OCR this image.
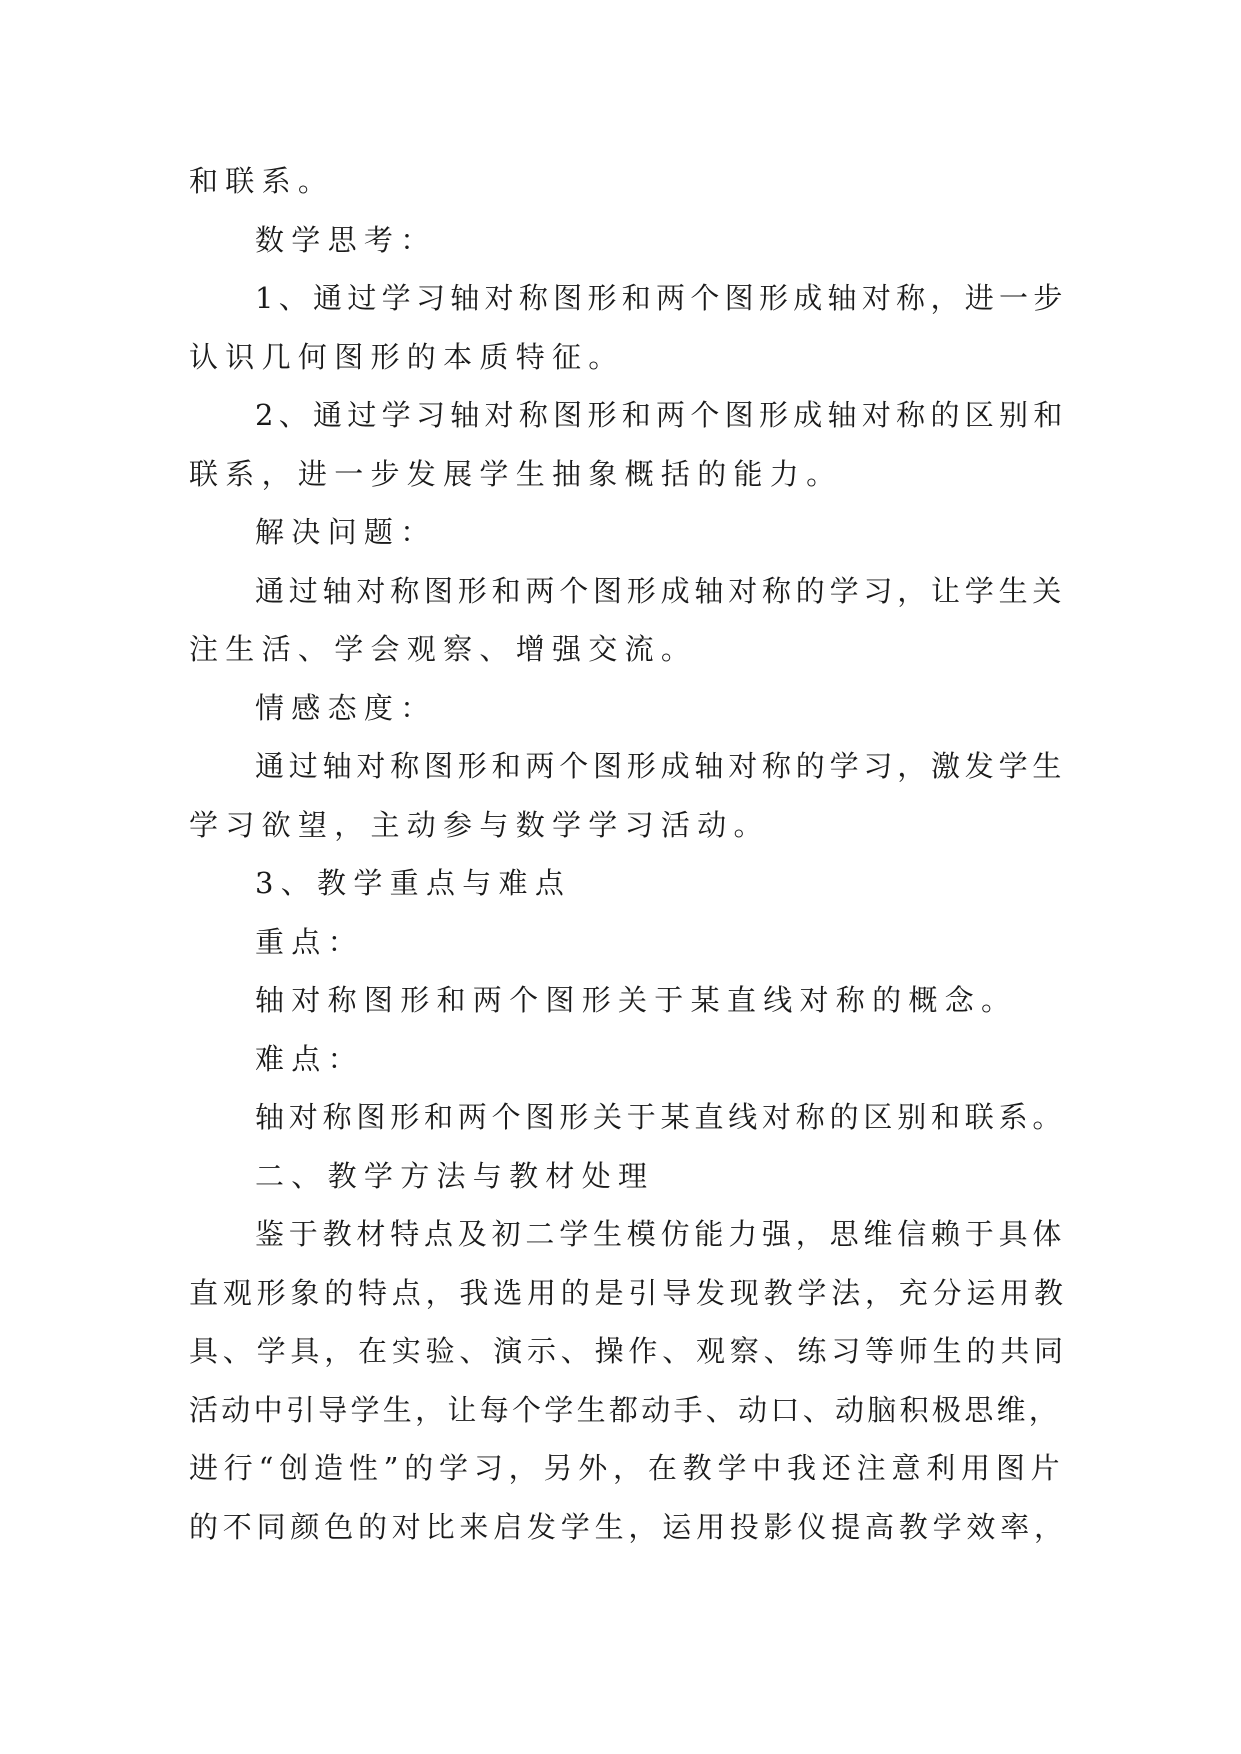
和联系。
数学思考：
1、通过学习轴对称图形和两个图形成轴对称，进一步
认识几何图形的本质特征。
2、通过学习轴对称图形和两个图形成轴对称的区别和
联系，进一步发展学生抽象概括的能力。
解决问题：
通过轴对称图形和两个图形成轴对称的学习，让学生关
注生活、学会观察、增强交流。
情感态度：
通过轴对称图形和两个图形成轴对称的学习，激发学生
学习欲望，主动参与数学学习活动。
3、教学重点与难点
重点：
轴对称图形和两个图形关于某直线对称的概念。
难点：
轴对称图形和两个图形关于某直线对称的区别和联系。
二、教学方法与教材处理
鉴于教材特点及初二学生模仿能力强，思维信赖于具体
直观形象的特点，我选用的是引导发现教学法，充分运用教
具、学具，在实验、演示、操作、观察、练习等师生的共同
活动中引导学生，让每个学生都动手、动口、动脑积极思维，
进行“创造性”的学习，另外，在教学中我还注意利用图片
的不同颜色的对比来启发学生，运用投影仪提高教学效率，
